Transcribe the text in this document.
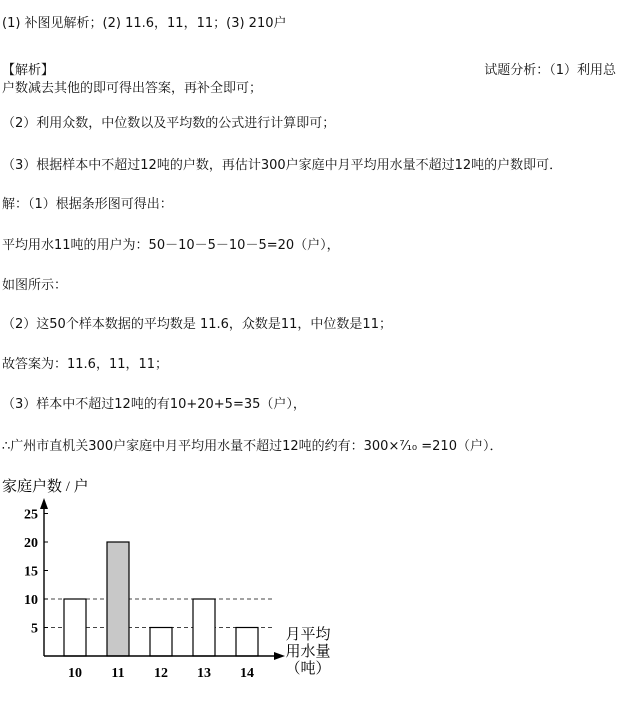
(1) 补图见解析；(2) 11.6，11，11；(3) 210户
【解析】	试题分析：（1）利用总
户数减去其他的即可得出答案，再补全即可；
（2）利用众数，中位数以及平均数的公式进行计算即可；
（3）根据样本中不超过12吨的户数，再估计300户家庭中月平均用水量不超过12吨的户数即可．
解：（1）根据条形图可得出：
平均用水11吨的用户为：50－10－5－10－5=20（户），
如图所示：
（2）这50个样本数据的平均数是 11.6，众数是11，中位数是11；
故答案为：11.6，11，11；
（3）样本中不超过12吨的有10+20+5=35（户），
∴广州市直机关300户家庭中月平均用水量不超过12吨的约有：300×⁷⁄₁₀ =210（户）．
家庭户数 / 户
10 11 12 13 14
5
10
15
20
25
月平均
用水量
（吨）
